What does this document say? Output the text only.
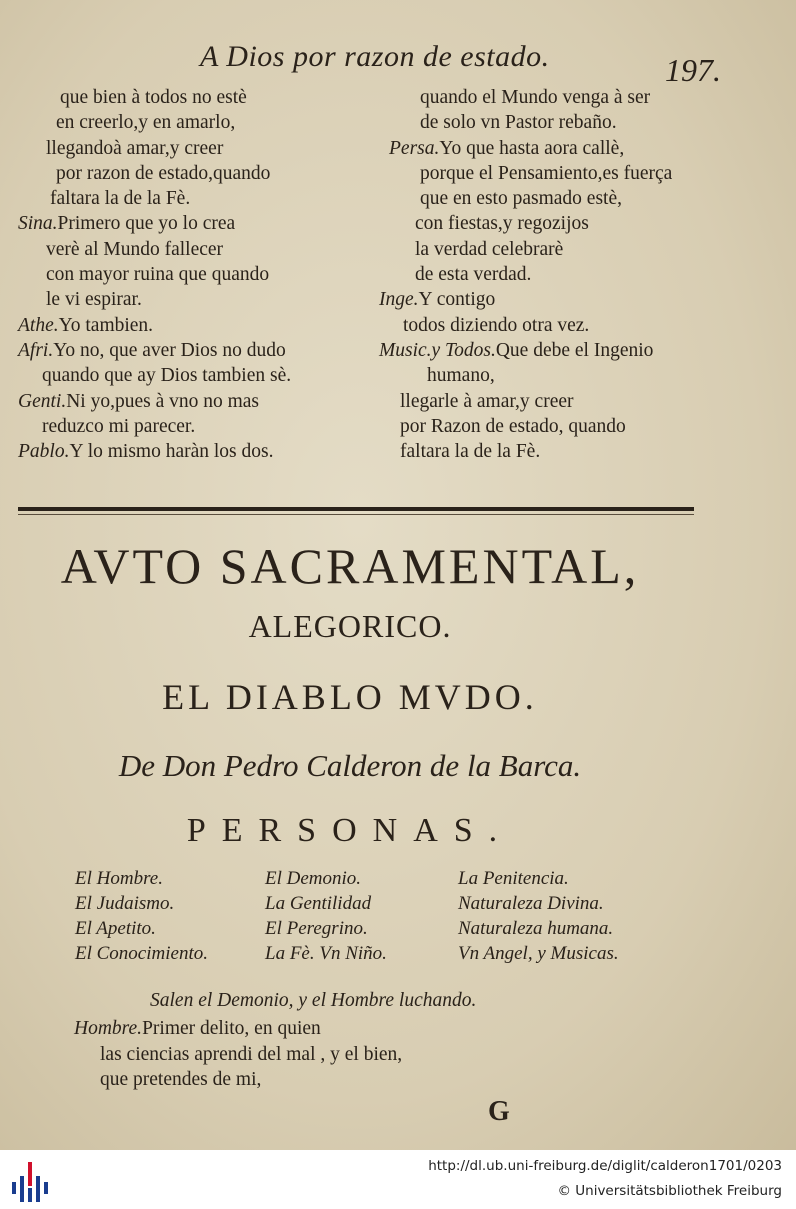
A Dios por razon de estado.	197.
que bien à todos no estè
en creerlo,y en amarlo,
llegandoà amar,y creer
por razon de estado,quando
faltara la de la Fè.
Sina.Primero que yo lo crea
verè al Mundo fallecer
con mayor ruina que quando
le vi espirar.
Athe.Yo tambien.
Afri.Yo no, que aver Dios no dudo
quando que ay Dios tambien sè.
Genti.Ni yo,pues à vno no mas
reduzco mi parecer.
Pablo.Y lo mismo haràn los dos.
quando el Mundo venga à ser
de solo vn Pastor rebaño.
Persa.Yo que hasta aora callè,
porque el Pensamiento,es fuerça
que en esto pasmado estè,
con fiestas,y regozijos
la verdad celebrarè
de esta verdad.
Inge.Y contigo
todos diziendo otra vez.
Music.y Todos.Que debe el Ingenio
humano,
llegarle à amar,y creer
por Razon de estado, quando
faltara la de la Fè.
AVTO SACRAMENTAL,
ALEGORICO.
EL DIABLO MVDO.
De Don Pedro Calderon de la Barca.
PERSONAS.
El Hombre.	El Demonio.	La Penitencia.
El Judaismo.	La Gentilidad	Naturaleza Divina.
El Apetito.	El Peregrino.	Naturaleza humana.
El Conocimiento.	La Fè. Vn Niño.	Vn Angel, y Musicas.
Salen el Demonio, y el Hombre luchando.
Hombre.Primer delito, en quien
las ciencias aprendi del mal , y el bien,
que pretendes de mi,
G
http://dl.ub.uni-freiburg.de/diglit/calderon1701/0203
© Universitätsbibliothek Freiburg
